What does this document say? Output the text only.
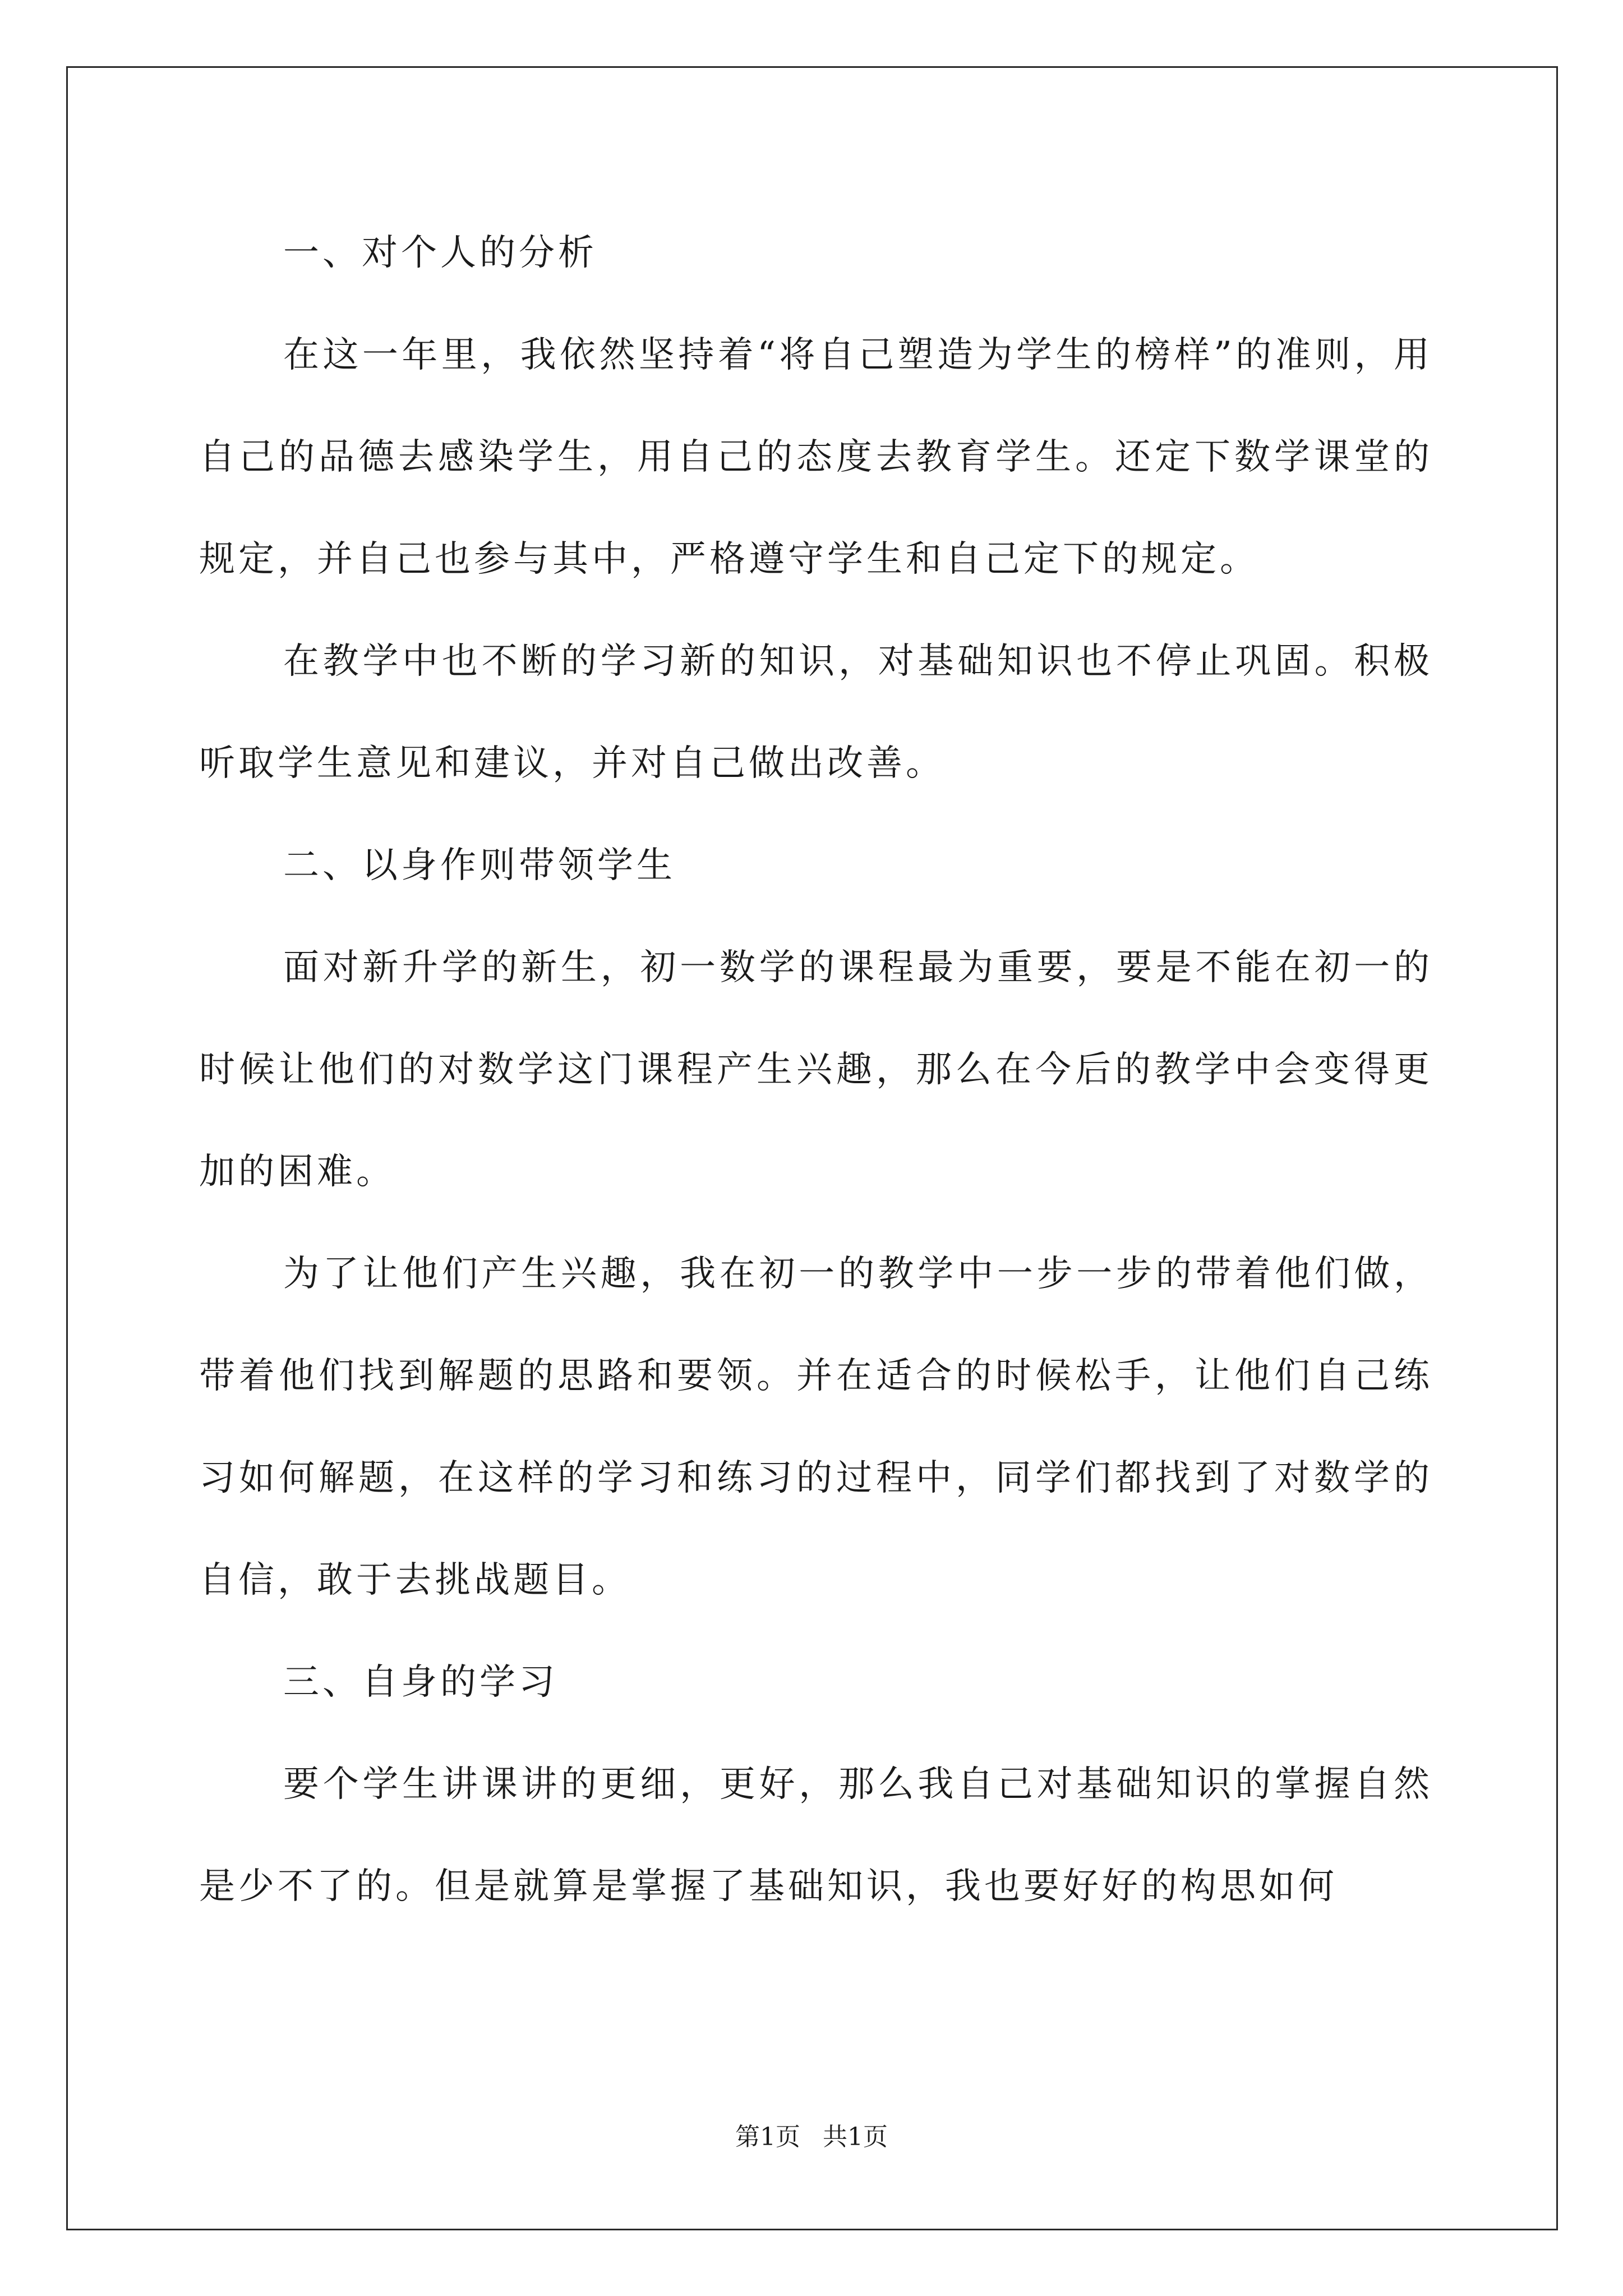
一、对个人的分析

在这一年里，我依然坚持着“将自己塑造为学生的榜样”的准则，用自己的品德去感染学生，用自己的态度去教育学生。还定下数学课堂的规定，并自己也参与其中，严格遵守学生和自己定下的规定。

在教学中也不断的学习新的知识，对基础知识也不停止巩固。积极听取学生意见和建议，并对自己做出改善。

二、以身作则带领学生

面对新升学的新生，初一数学的课程最为重要，要是不能在初一的时候让他们的对数学这门课程产生兴趣，那么在今后的教学中会变得更加的困难。

为了让他们产生兴趣，我在初一的教学中一步一步的带着他们做，带着他们找到解题的思路和要领。并在适合的时候松手，让他们自己练习如何解题，在这样的学习和练习的过程中，同学们都找到了对数学的自信，敢于去挑战题目。

三、自身的学习

要个学生讲课讲的更细，更好，那么我自己对基础知识的掌握自然是少不了的。但是就算是掌握了基础知识，我也要好好的构思如何

第1页 共1页
